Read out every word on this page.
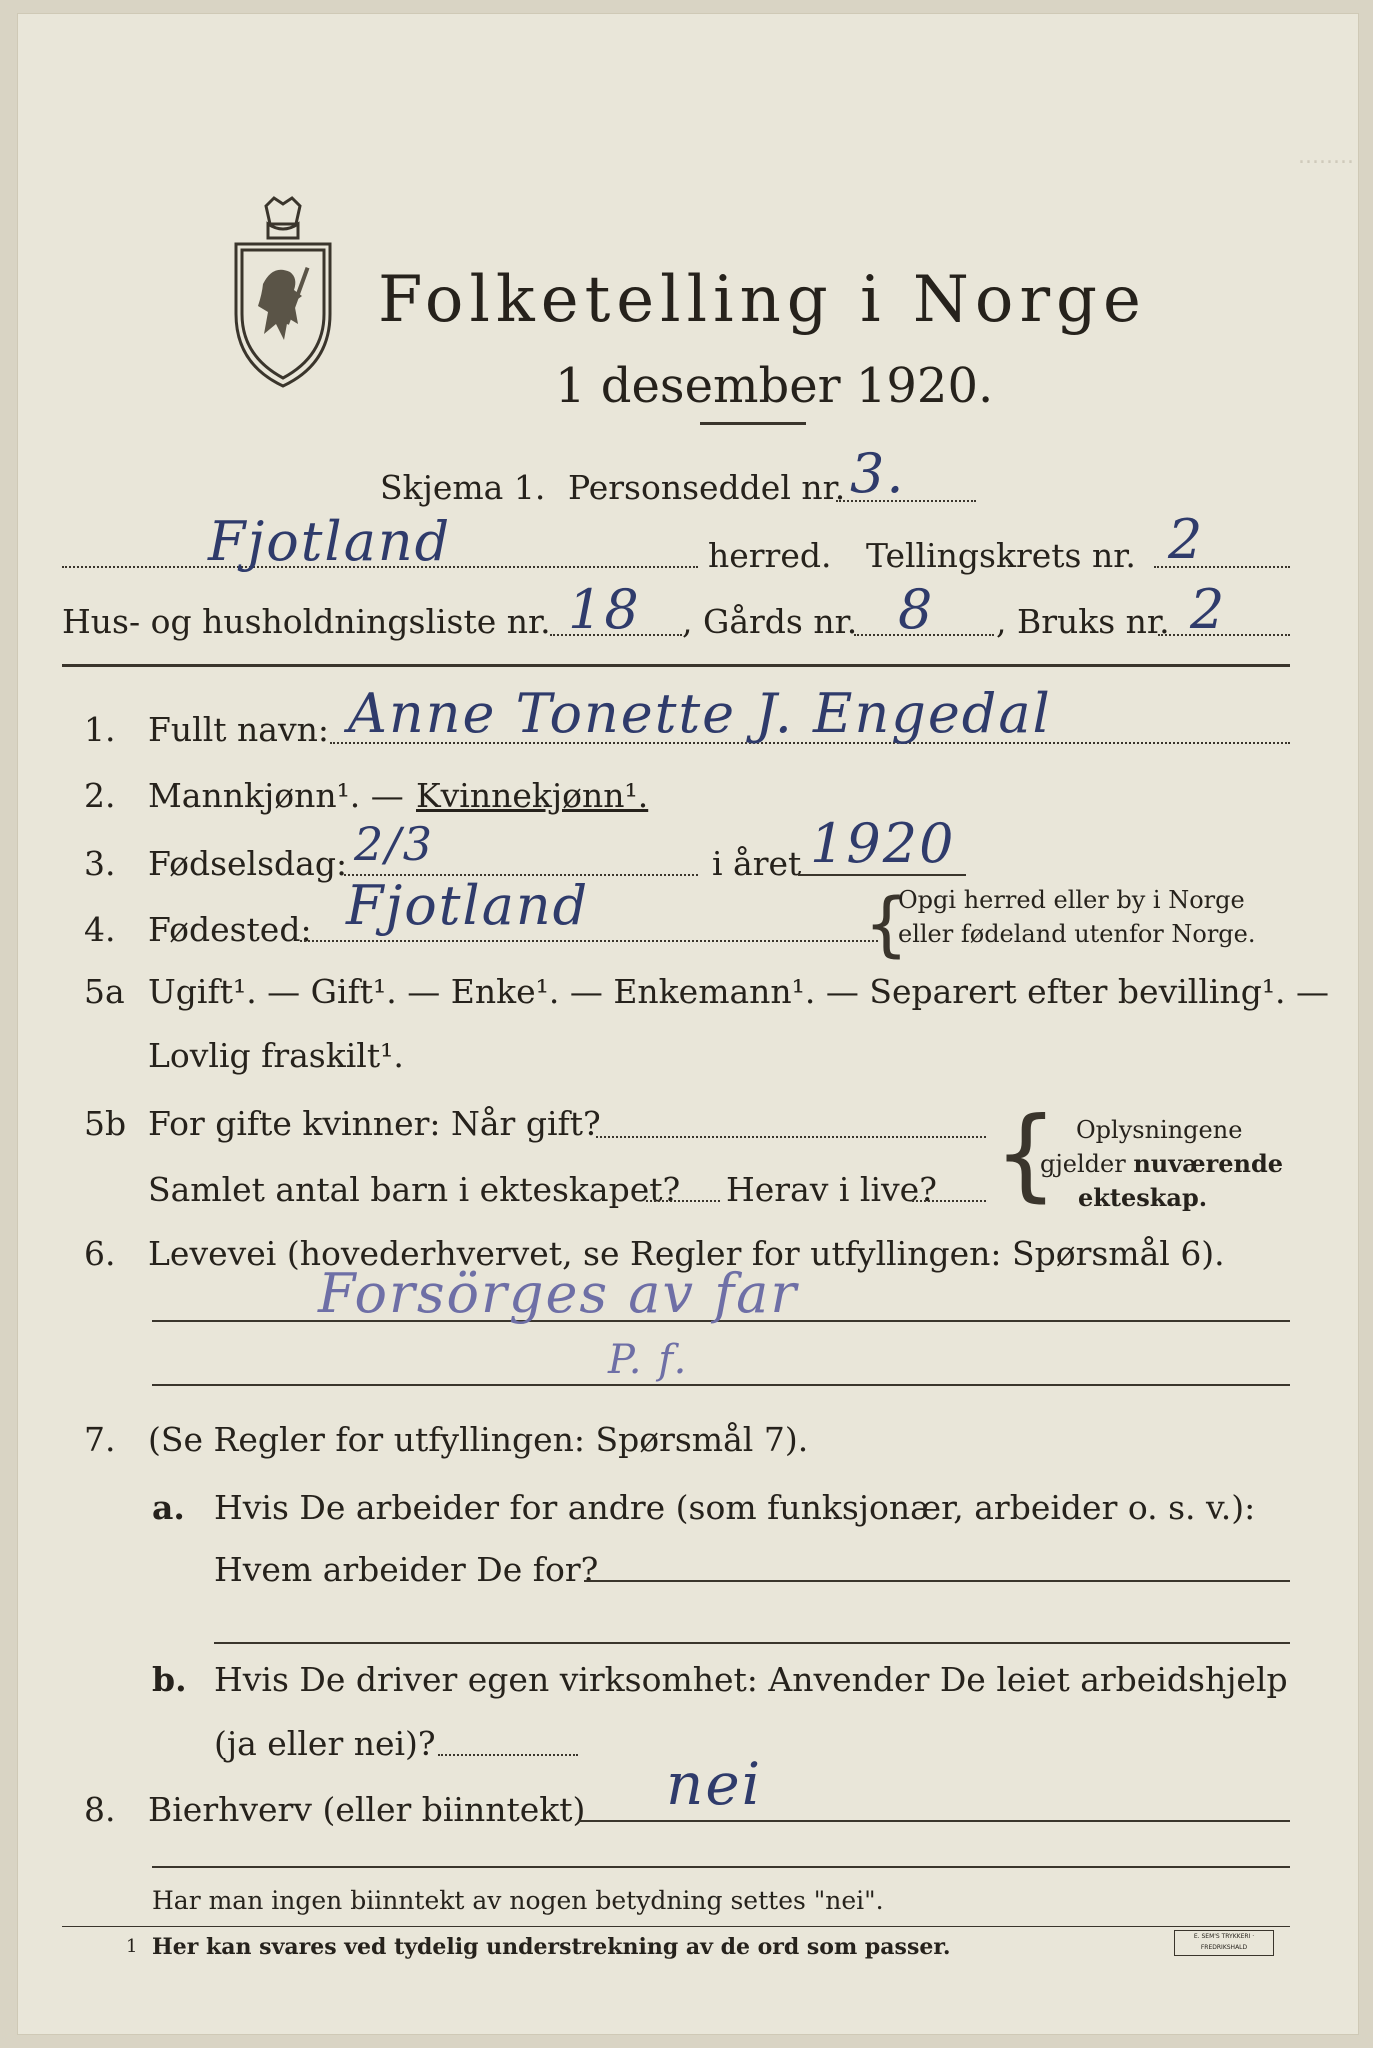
........
Folketelling i Norge
1 desember 1920.
Skjema 1. Personseddel nr. 3.
Fjotland	herred. Tellingskrets nr. 2
Hus- og husholdningsliste nr. 18 , Gårds nr. 8 , Bruks nr. 2
1. Fullt navn: Anne Tonette J. Engedal
2. Mannkjønn¹. — Kvinnekjønn¹.
3. Fødselsdag: 2/3	i året 1920
4. Fødested: Fjotland	{
Opgi herred eller by i Norge
eller fødeland utenfor Norge.
5a Ugift¹. — Gift¹. — Enke¹. — Enkemann¹. — Separert efter bevilling¹. —
Lovlig fraskilt¹.
5b For gifte kvinner: Når gift?
Samlet antal barn i ekteskapet? Herav i live? { Oplysningene
gjelder nuværende
ekteskap.
6. Levevei (hovederhvervet, se Regler for utfyllingen: Spørsmål 6).
Forsörges av far
P. f.
7. (Se Regler for utfyllingen: Spørsmål 7).
a. Hvis De arbeider for andre (som funksjonær, arbeider o. s. v.):
Hvem arbeider De for?
b. Hvis De driver egen virksomhet: Anvender De leiet arbeidshjelp
(ja eller nei)?
8. Bierhverv (eller biinntekt) nei
Har man ingen biinntekt av nogen betydning settes "nei".
1 Her kan svares ved tydelig understrekning av de ord som passer.	E. SEM'S TRYKKERI · FREDRIKSHALD
